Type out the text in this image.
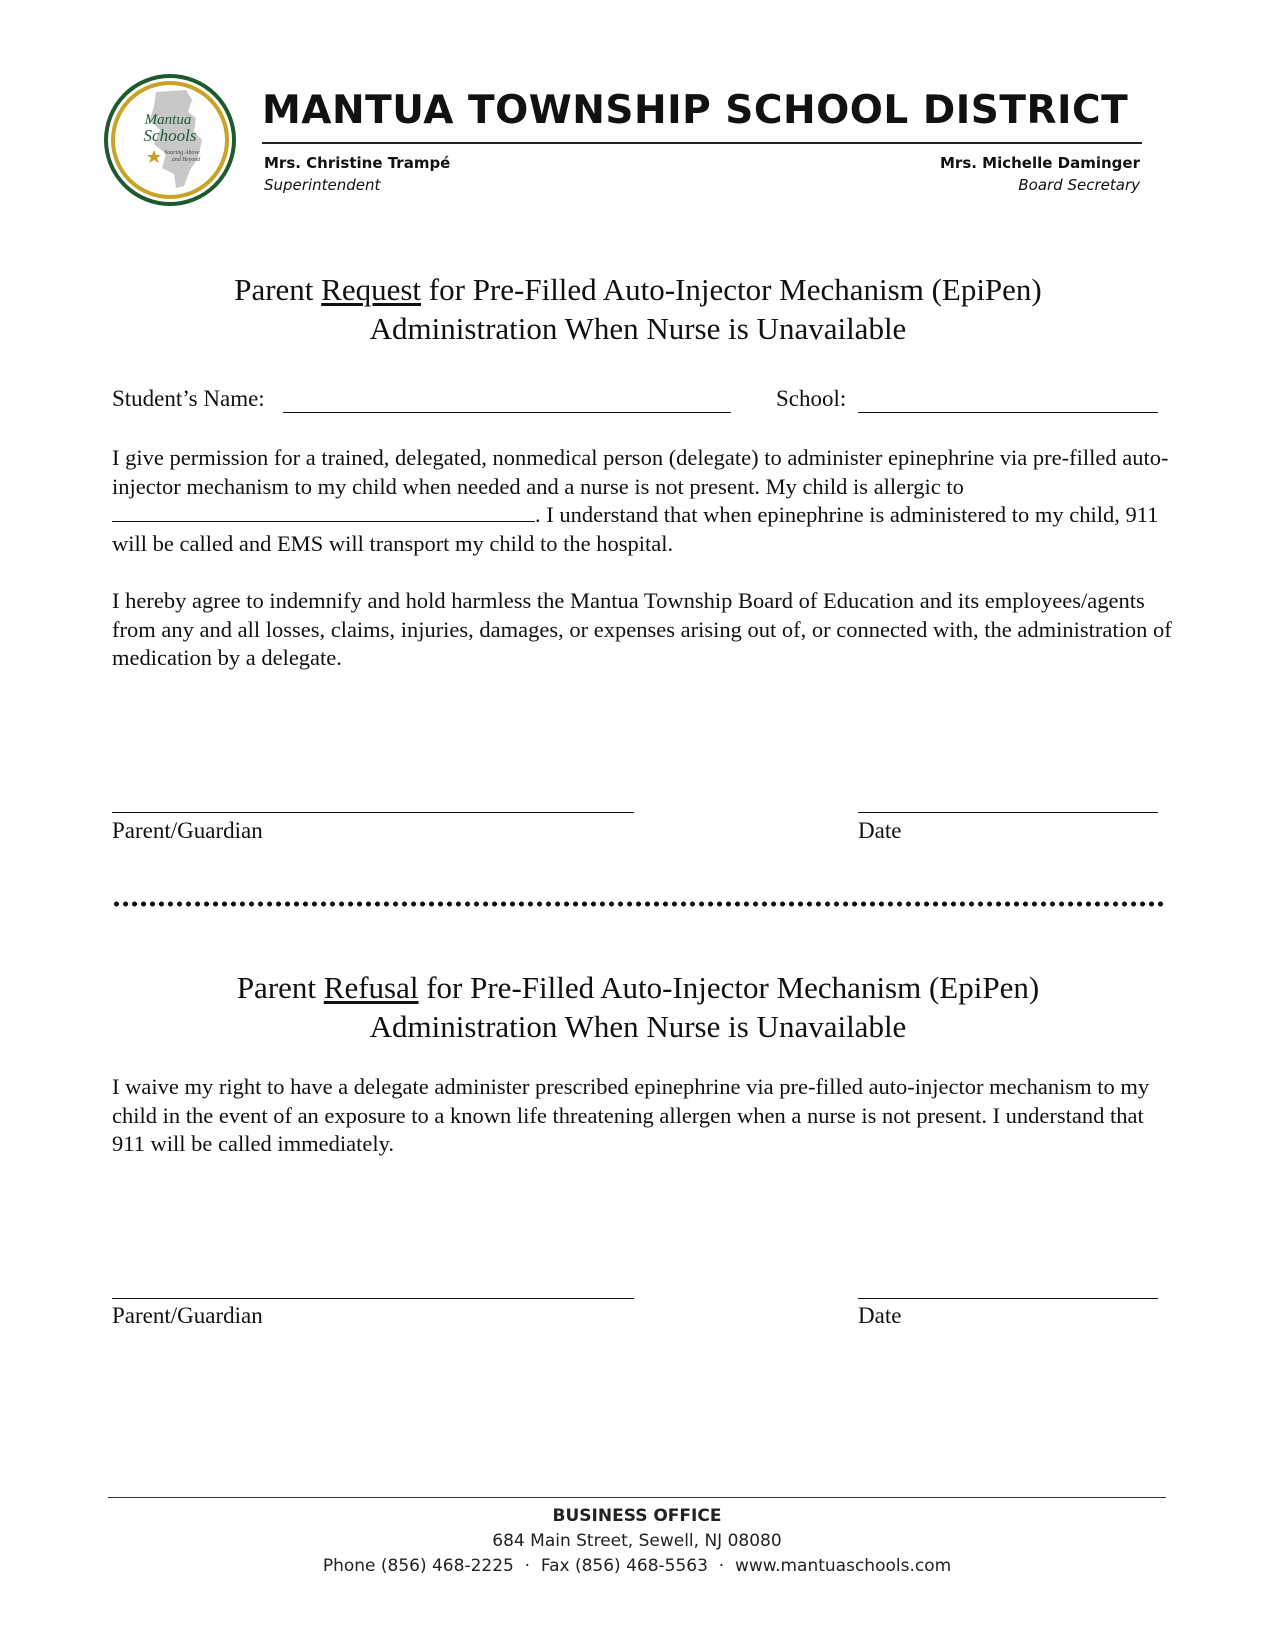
Mantua
Schools
Soaring Above
and Beyond
MANTUA TOWNSHIP SCHOOL DISTRICT
Mrs. Christine Trampé
Superintendent
Mrs. Michelle Daminger
Board Secretary
Parent Request for Pre-Filled Auto-Injector Mechanism (EpiPen)
Administration When Nurse is Unavailable
Student’s Name:	School:
I give permission for a trained, delegated, nonmedical person (delegate) to administer epinephrine via pre-filled auto-injector mechanism to my child when needed and a nurse is not present. My child is allergic to. I understand that when epinephrine is administered to my child, 911 will be called and EMS will transport my child to the hospital.
I hereby agree to indemnify and hold harmless the Mantua Township Board of Education and its employees/agents from any and all losses, claims, injuries, damages, or expenses arising out of, or connected with, the administration of medication by a delegate.
Parent/Guardian	Date
Parent Refusal for Pre-Filled Auto-Injector Mechanism (EpiPen)
Administration When Nurse is Unavailable
I waive my right to have a delegate administer prescribed epinephrine via pre-filled auto-injector mechanism to my child in the event of an exposure to a known life threatening allergen when a nurse is not present. I understand that 911 will be called immediately.
Parent/Guardian	Date
BUSINESS OFFICE
684 Main Street, Sewell, NJ 08080
Phone (856) 468-2225  ·  Fax (856) 468-5563  ·  www.mantuaschools.com
